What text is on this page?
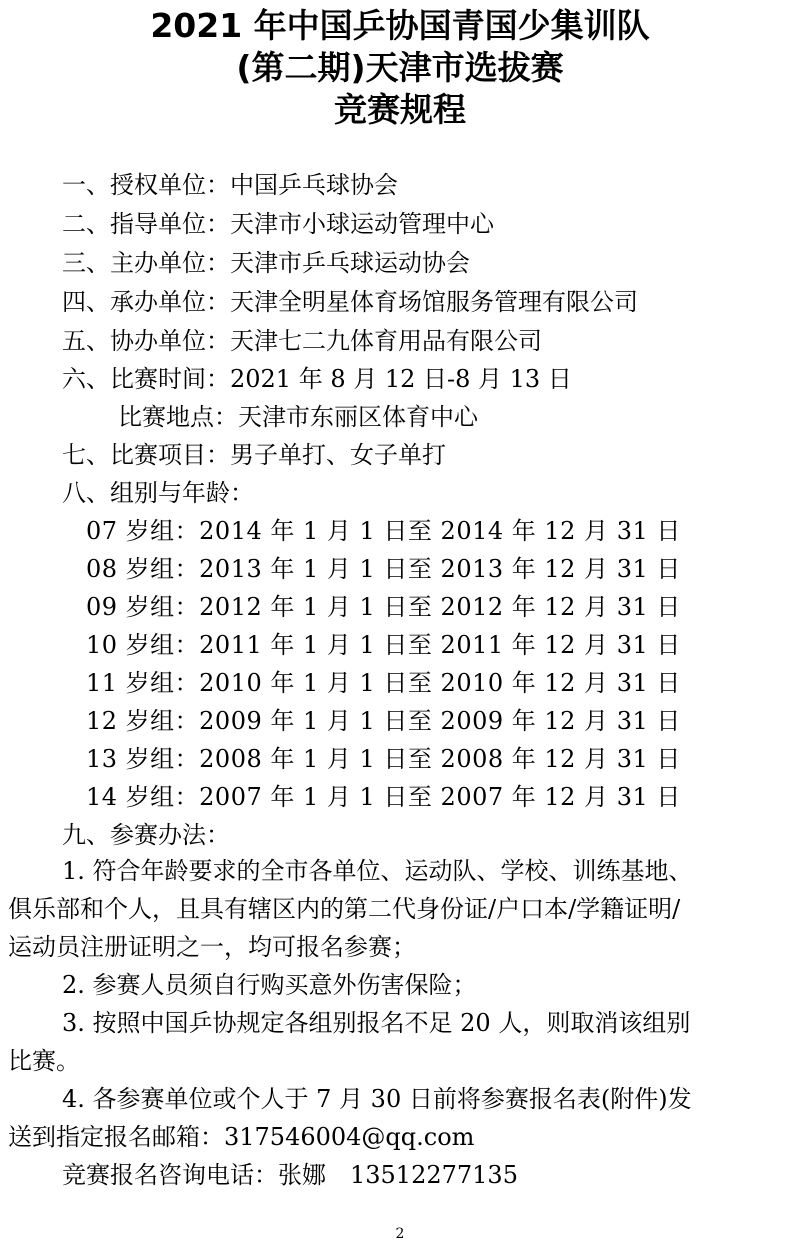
2021 年中国乒协国青国少集训队
(第二期)天津市选拔赛
竞赛规程
一、授权单位：中国乒乓球协会
二、指导单位：天津市小球运动管理中心
三、主办单位：天津市乒乓球运动协会
四、承办单位：天津全明星体育场馆服务管理有限公司
五、协办单位：天津七二九体育用品有限公司
六、比赛时间：2021 年 8 月 12 日-8 月 13 日
比赛地点：天津市东丽区体育中心
七、比赛项目：男子单打、女子单打
八、组别与年龄：
07 岁组：2014 年 1 月 1 日至 2014 年 12 月 31 日
08 岁组：2013 年 1 月 1 日至 2013 年 12 月 31 日
09 岁组：2012 年 1 月 1 日至 2012 年 12 月 31 日
10 岁组：2011 年 1 月 1 日至 2011 年 12 月 31 日
11 岁组：2010 年 1 月 1 日至 2010 年 12 月 31 日
12 岁组：2009 年 1 月 1 日至 2009 年 12 月 31 日
13 岁组：2008 年 1 月 1 日至 2008 年 12 月 31 日
14 岁组：2007 年 1 月 1 日至 2007 年 12 月 31 日
九、参赛办法：
1. 符合年龄要求的全市各单位、运动队、学校、训练基地、
俱乐部和个人，且具有辖区内的第二代身份证/户口本/学籍证明/
运动员注册证明之一，均可报名参赛；
2. 参赛人员须自行购买意外伤害保险；
3. 按照中国乒协规定各组别报名不足 20 人，则取消该组别
比赛。
4. 各参赛单位或个人于 7 月 30 日前将参赛报名表(附件)发
送到指定报名邮箱：317546004@qq.com
竞赛报名咨询电话：张娜　13512277135
2
